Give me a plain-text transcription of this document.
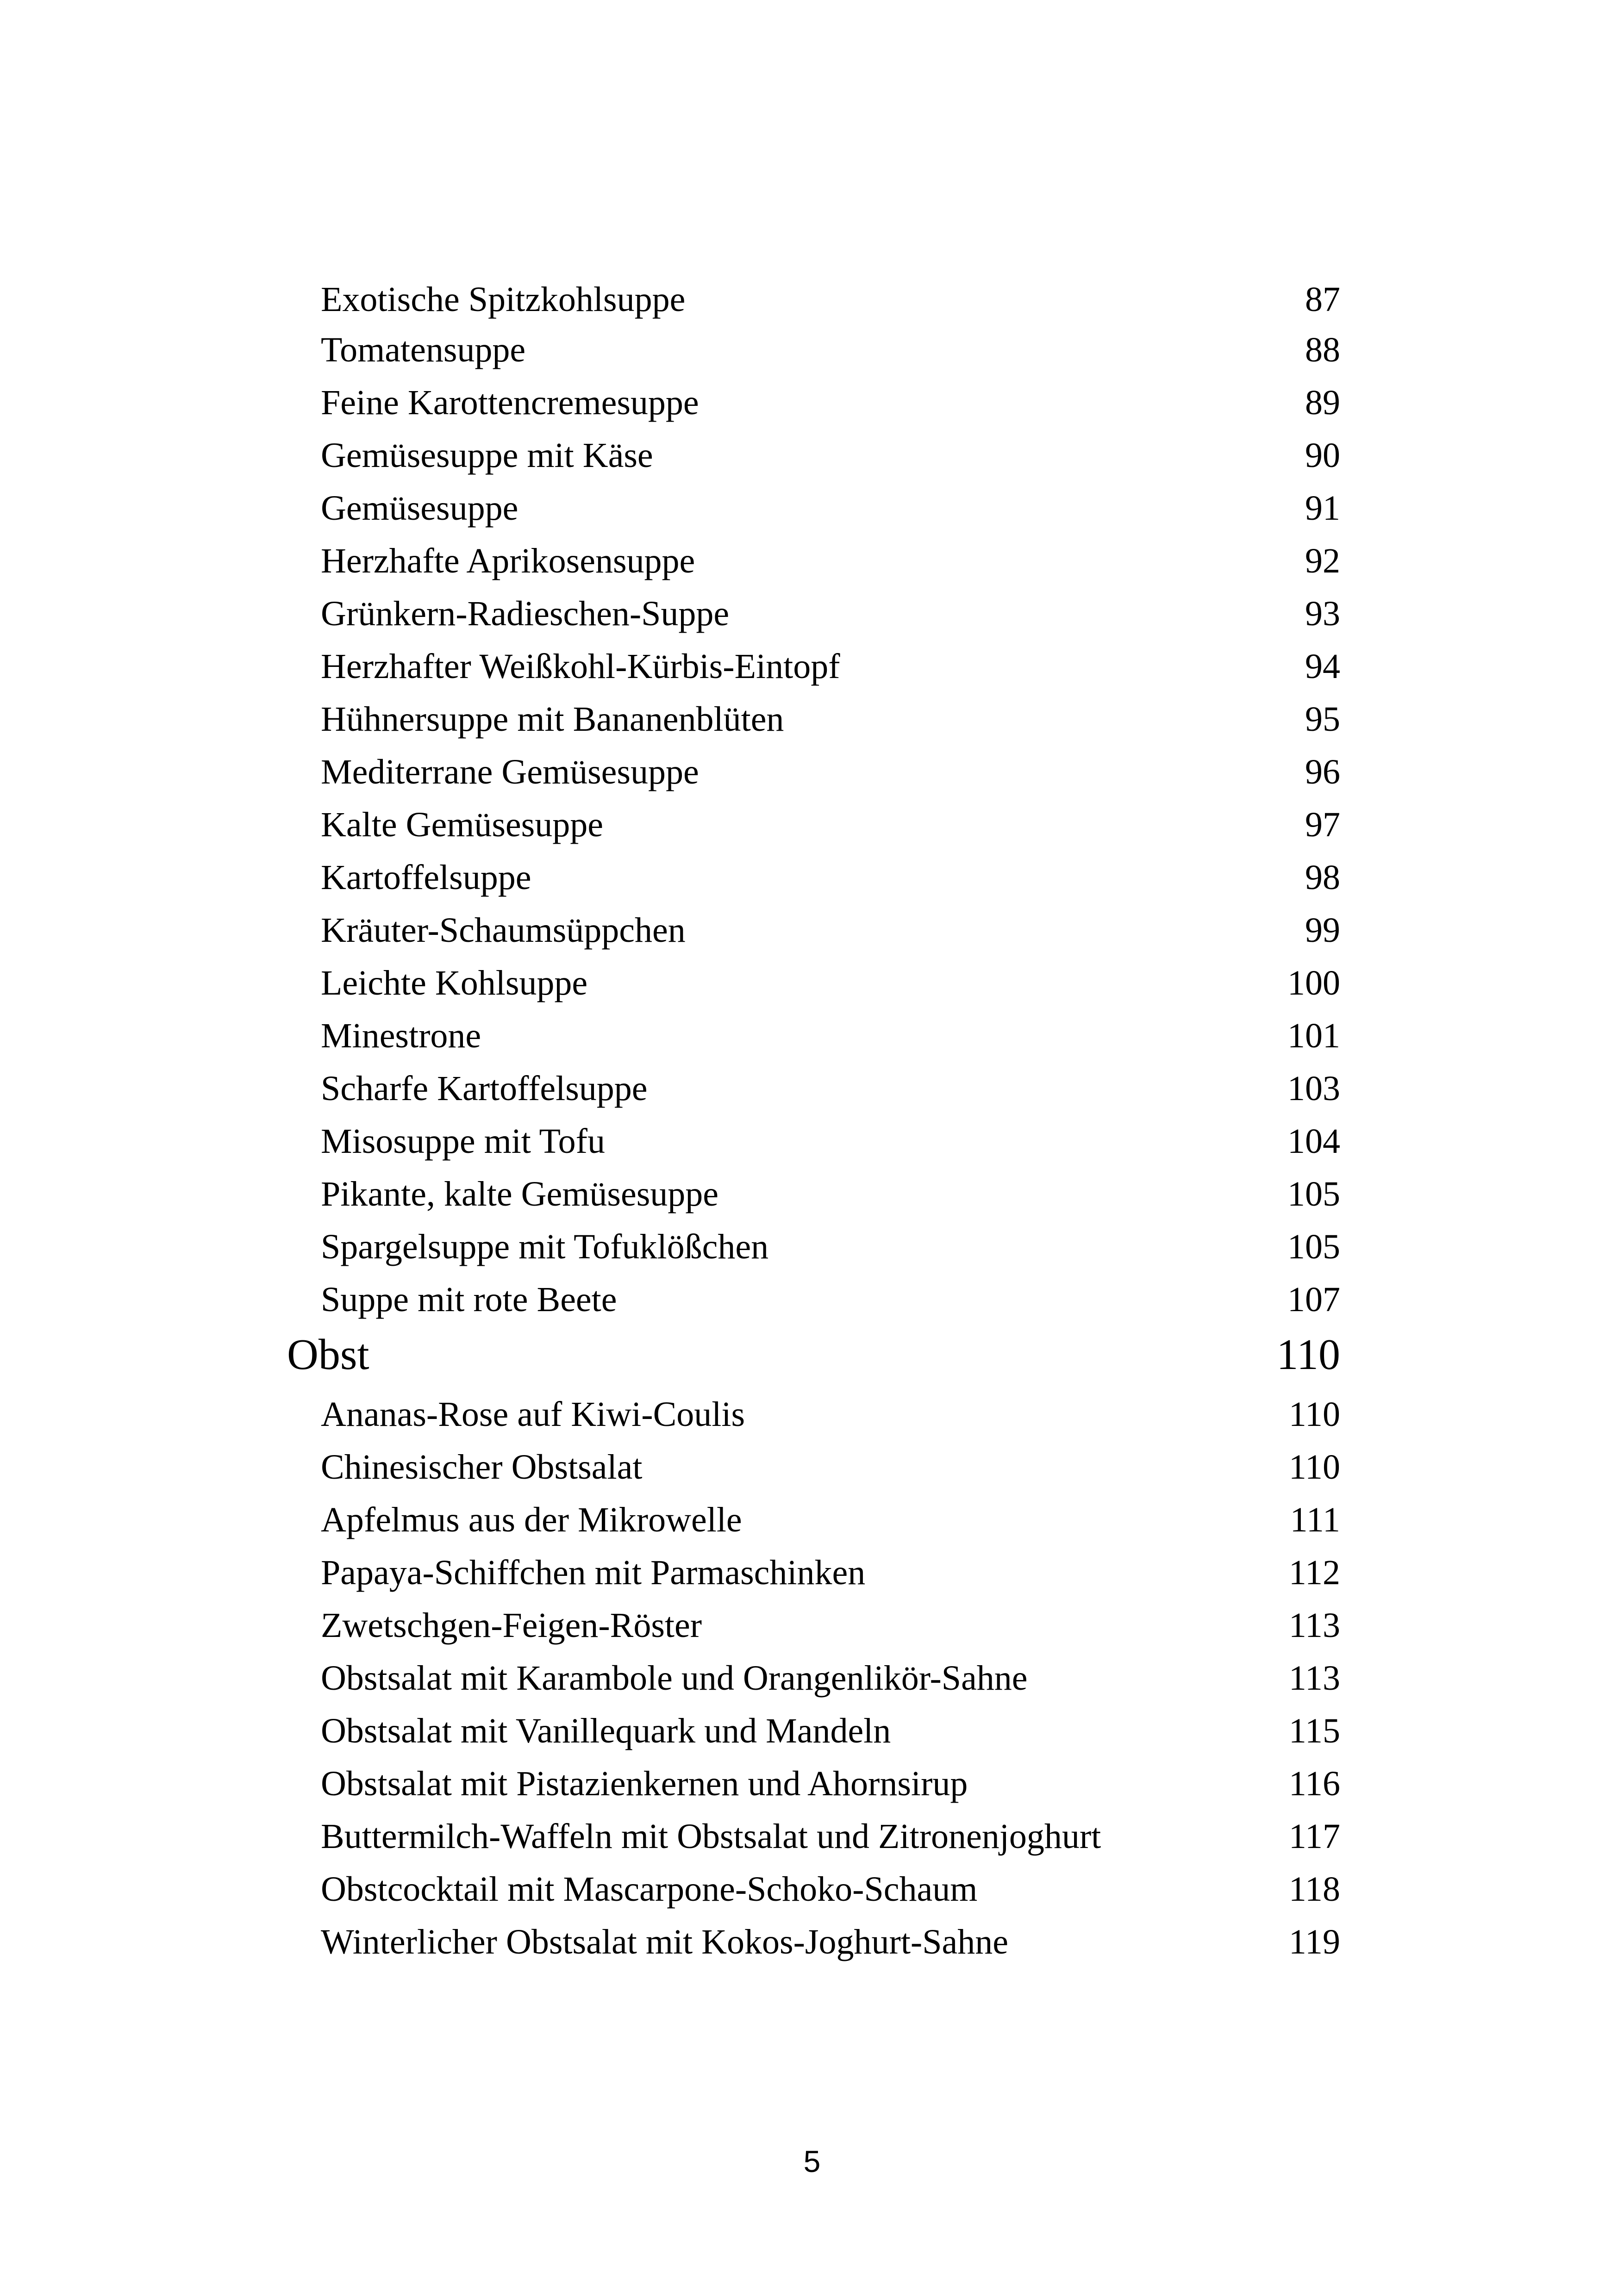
Exotische Spitzkohlsuppe	87
Tomatensuppe	88
Feine Karottencremesuppe	89
Gemüsesuppe mit Käse	90
Gemüsesuppe	91
Herzhafte Aprikosensuppe	92
Grünkern-Radieschen-Suppe	93
Herzhafter Weißkohl-Kürbis-Eintopf	94
Hühnersuppe mit Bananenblüten	95
Mediterrane Gemüsesuppe	96
Kalte Gemüsesuppe	97
Kartoffelsuppe	98
Kräuter-Schaumsüppchen	99
Leichte Kohlsuppe	100
Minestrone	101
Scharfe Kartoffelsuppe	103
Misosuppe mit Tofu	104
Pikante, kalte Gemüsesuppe	105
Spargelsuppe mit Tofuklößchen	105
Suppe mit rote Beete	107
Obst	110
Ananas-Rose auf Kiwi-Coulis	110
Chinesischer Obstsalat	110
Apfelmus aus der Mikrowelle	111
Papaya-Schiffchen mit Parmaschinken	112
Zwetschgen-Feigen-Röster	113
Obstsalat mit Karambole und Orangenlikör-Sahne	113
Obstsalat mit Vanillequark und Mandeln	115
Obstsalat mit Pistazienkernen und Ahornsirup	116
Buttermilch-Waffeln mit Obstsalat und Zitronenjoghurt	117
Obstcocktail mit Mascarpone-Schoko-Schaum	118
Winterlicher Obstsalat mit Kokos-Joghurt-Sahne	119
5
